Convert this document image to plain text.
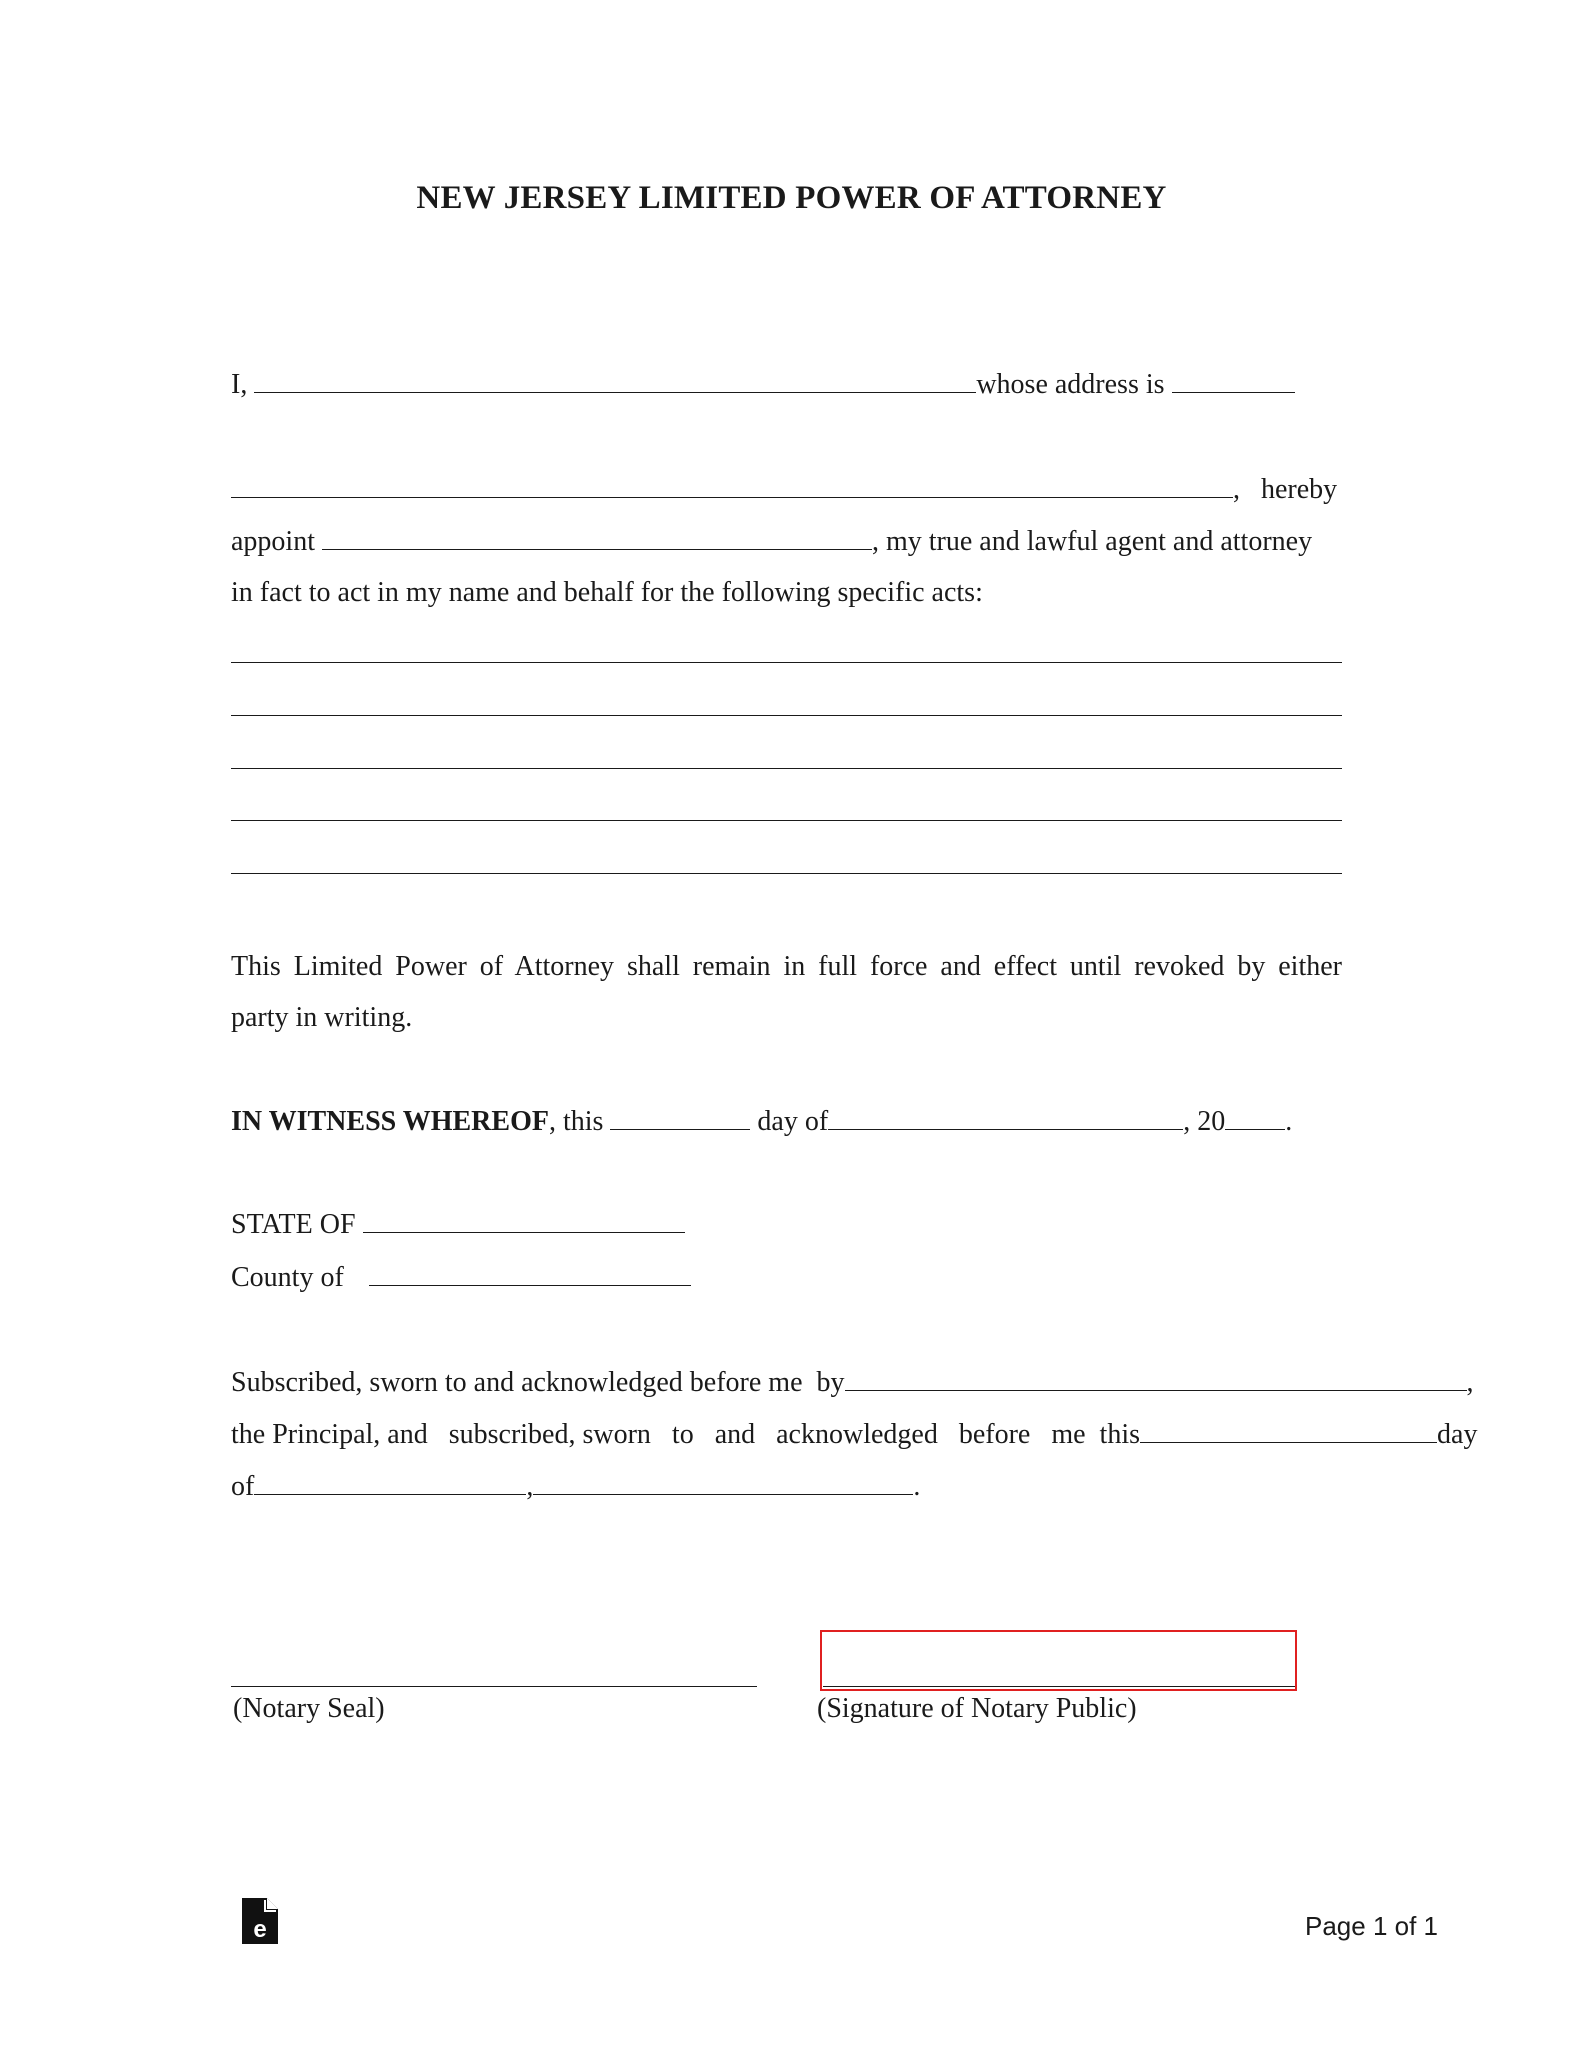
NEW JERSEY LIMITED POWER OF ATTORNEY
I,	whose address is
,   hereby
appoint	, my true and lawful agent and attorney
in fact to act in my name and behalf for the following specific acts:
This Limited Power of Attorney shall remain in full force and effect until revoked by either
party in writing.
IN WITNESS WHEREOF, this	day of	, 20 .
STATE OF
County of
Subscribed, sworn to and acknowledged before me  by	,
the Principal, and   subscribed, sworn   to   and   acknowledged   before   me  this	day
of	,	.
(Notary Seal)	(Signature of Notary Public)
e	Page 1 of 1
